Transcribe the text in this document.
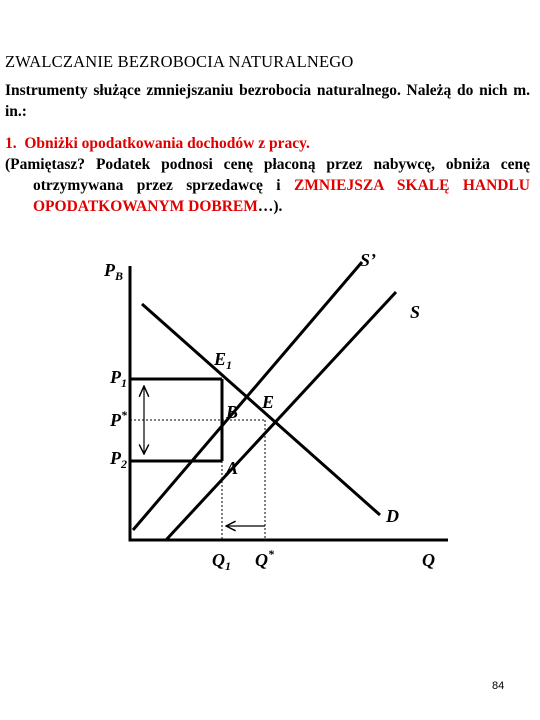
ZWALCZANIE BEZROBOCIA NATURALNEGO
Instrumenty służące zmniejszaniu bezrobocia naturalnego. Należą do nich m. in.:
1. Obniżki opodatkowania dochodów z pracy.
(Pamiętasz? Podatek podnosi cenę płaconą przez nabywcę, obniża cenę otrzymywana przez sprzedawcę i ZMNIEJSZA SKALĘ HANDLU OPODATKOWANYM DOBREM…).
$P_B$
Q
S’
S
D
$E_1$
E
B
A
$P_1$
P*
$P_2$
$Q_1$ Q*
84
